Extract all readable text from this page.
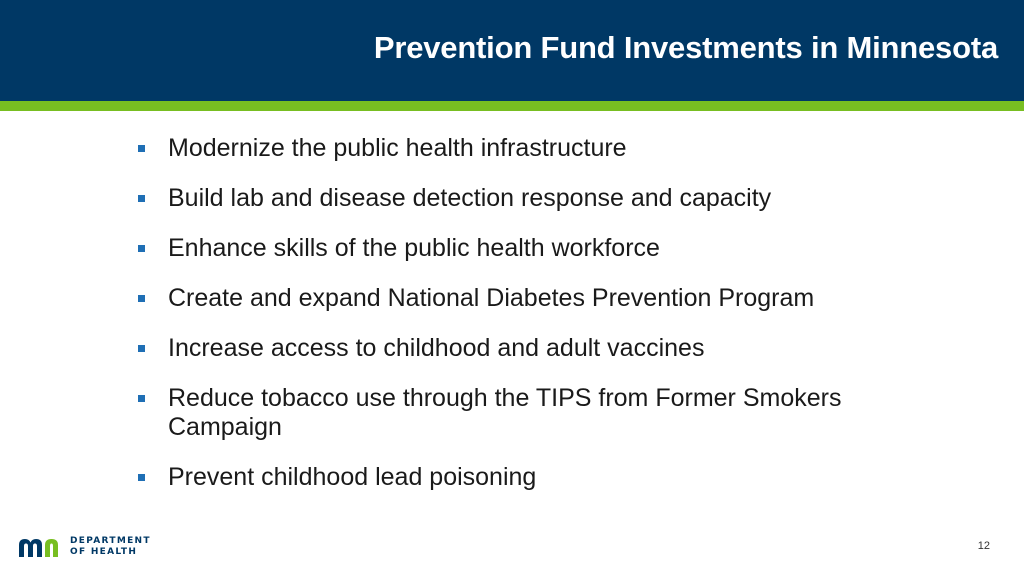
Prevention Fund Investments in Minnesota
Modernize the public health infrastructure
Build lab and disease detection response and capacity
Enhance skills of the public health workforce
Create and expand National Diabetes Prevention Program
Increase access to childhood and adult vaccines
Reduce tobacco use through the TIPS from Former Smokers Campaign
Prevent childhood lead poisoning
DEPARTMENT
OF HEALTH	12
